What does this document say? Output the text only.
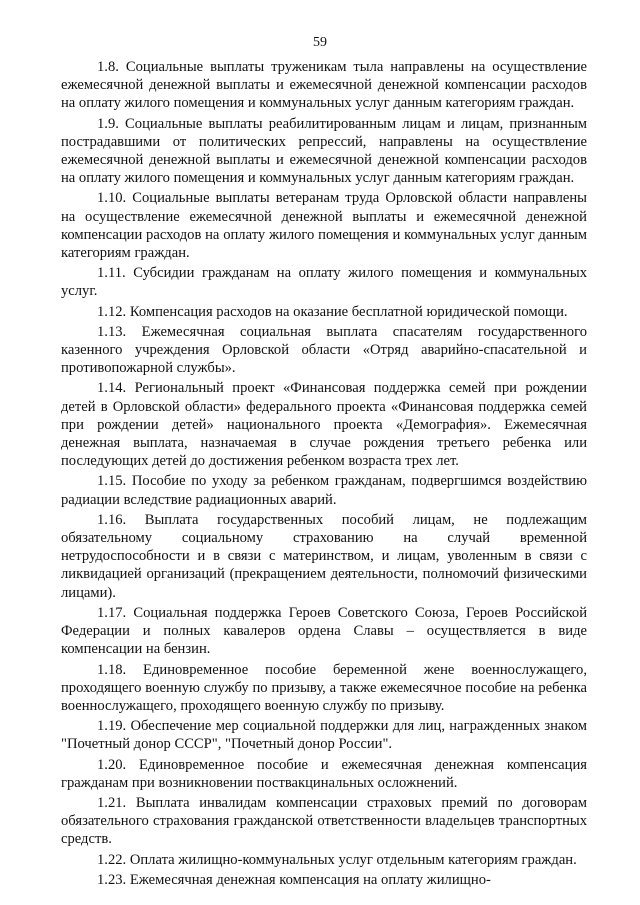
59

1.8. Социальные выплаты труженикам тыла направлены на осуществление ежемесячной денежной выплаты и ежемесячной денежной компенсации расходов на оплату жилого помещения и коммунальных услуг данным категориям граждан.

1.9. Социальные выплаты реабилитированным лицам и лицам, признанным пострадавшими от политических репрессий, направлены на осуществление ежемесячной денежной выплаты и ежемесячной денежной компенсации расходов на оплату жилого помещения и коммунальных услуг данным категориям граждан.

1.10. Социальные выплаты ветеранам труда Орловской области направлены на осуществление ежемесячной денежной выплаты и ежемесячной денежной компенсации расходов на оплату жилого помещения и коммунальных услуг данным категориям граждан.

1.11. Субсидии гражданам на оплату жилого помещения и коммунальных услуг.

1.12. Компенсация расходов на оказание бесплатной юридической помощи.

1.13. Ежемесячная социальная выплата спасателям государственного казенного учреждения Орловской области «Отряд аварийно-спасательной и противопожарной службы».

1.14. Региональный проект «Финансовая поддержка семей при рождении детей в Орловской области» федерального проекта «Финансовая поддержка семей при рождении детей» национального проекта «Демография». Ежемесячная денежная выплата, назначаемая в случае рождения третьего ребенка или последующих детей до достижения ребенком возраста трех лет.

1.15. Пособие по уходу за ребенком гражданам, подвергшимся воздействию радиации вследствие радиационных аварий.

1.16. Выплата государственных пособий лицам, не подлежащим обязательному социальному страхованию на случай временной нетрудоспособности и в связи с материнством, и лицам, уволенным в связи с ликвидацией организаций (прекращением деятельности, полномочий физическими лицами).

1.17. Социальная поддержка Героев Советского Союза, Героев Российской Федерации и полных кавалеров ордена Славы – осуществляется в виде компенсации на бензин.

1.18. Единовременное пособие беременной жене военнослужащего, проходящего военную службу по призыву, а также ежемесячное пособие на ребенка военнослужащего, проходящего военную службу по призыву.

1.19. Обеспечение мер социальной поддержки для лиц, награжденных знаком "Почетный донор СССР", "Почетный донор России".

1.20. Единовременное пособие и ежемесячная денежная компенсация гражданам при возникновении поствакцинальных осложнений.

1.21. Выплата инвалидам компенсации страховых премий по договорам обязательного страхования гражданской ответственности владельцев транспортных средств.

1.22. Оплата жилищно-коммунальных услуг отдельным категориям граждан.

1.23. Ежемесячная денежная компенсация на оплату жилищно-
